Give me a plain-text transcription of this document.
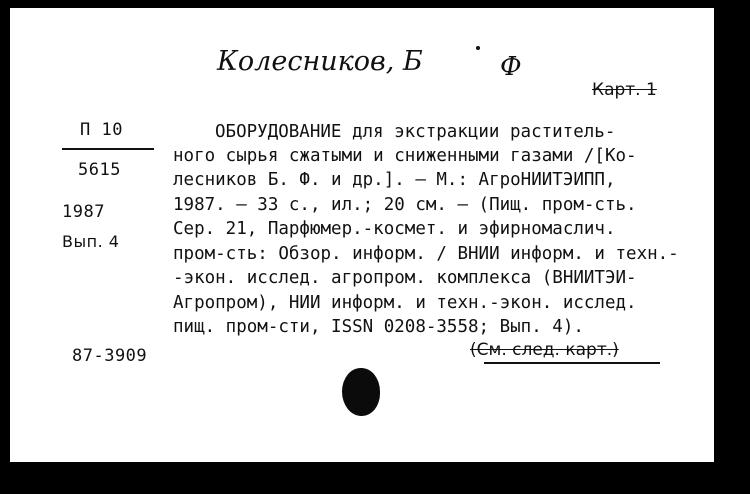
Колесников, Б	Ф
Карт. 1
П 10
5615
1987
Вып. 4
ОБОРУДОВАНИЕ для экстракции раститель-
ного сырья сжатыми и сниженными газами /[Ко-
лесников Б. Ф. и др.]. – М.: АгроНИИТЭИПП,
1987. – 33 с., ил.; 20 см. – (Пищ. пром-сть.
Сер. 21, Парфюмер.-космет. и эфирномаслич.
пром-сть: Обзор. информ. / ВНИИ информ. и техн.-
-экон. исслед. агропром. комплекса (ВНИИТЭИ-
Агропром), НИИ информ. и техн.-экон. исслед.
пищ. пром-сти, ISSN 0208-3558; Вып. 4).
87-3909	(См. след. карт.)
